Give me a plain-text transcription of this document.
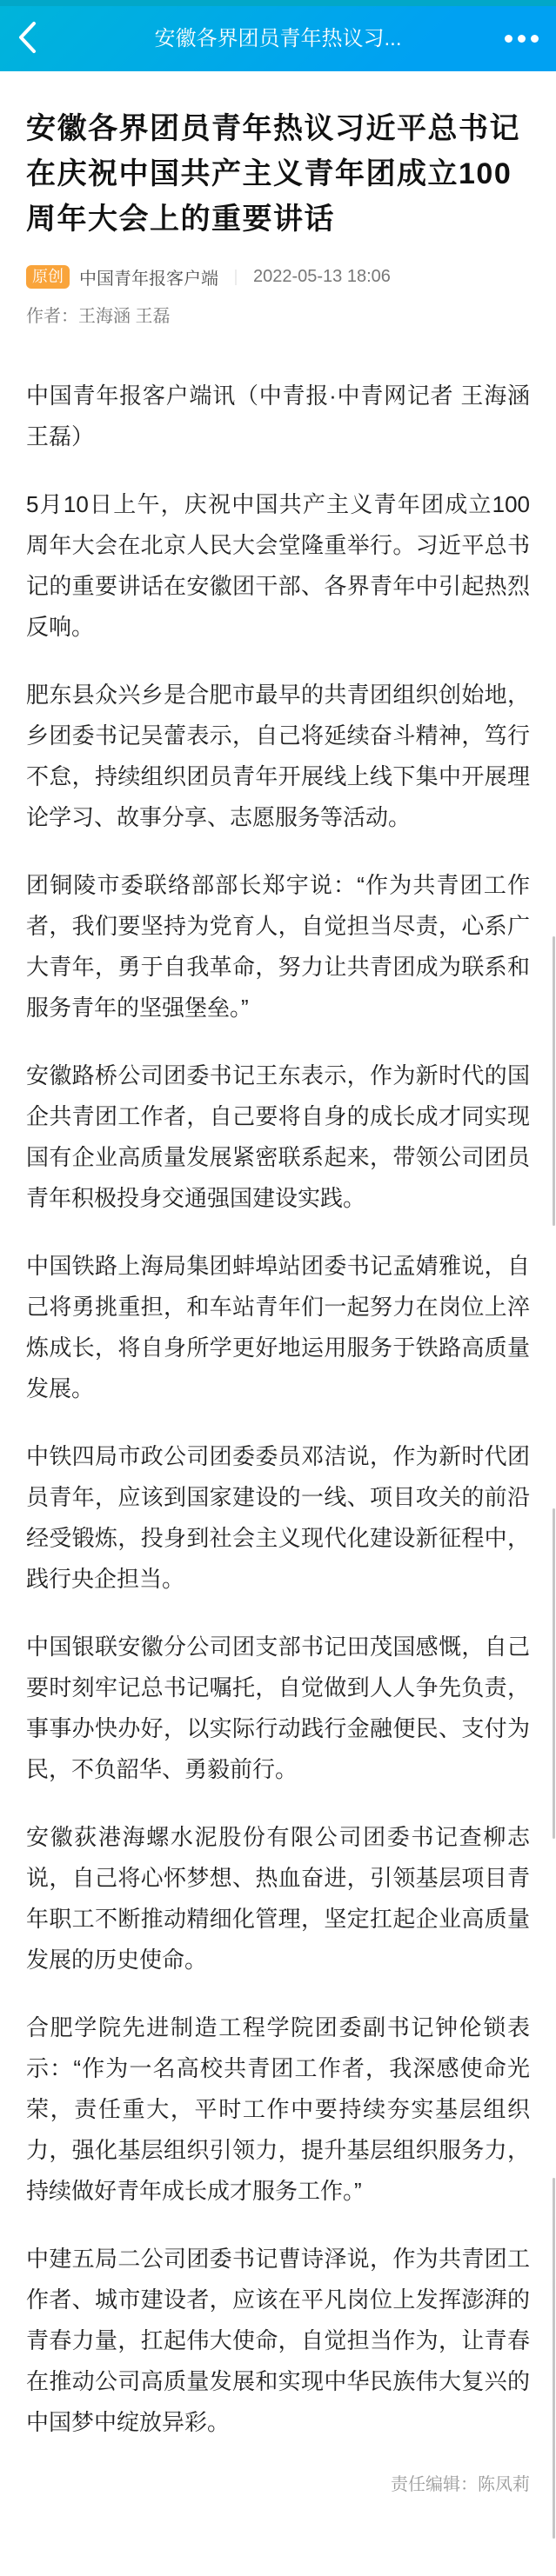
安徽各界团员青年热议习...
安徽各界团员青年热议习近平总书记在庆祝中国共产主义青年团成立100周年大会上的重要讲话
原创 中国青年报客户端 ｜ 2022-05-13 18:06
作者：王海涵 王磊

中国青年报客户端讯（中青报·中青网记者 王海涵 王磊）

5月10日上午，庆祝中国共产主义青年团成立100周年大会在北京人民大会堂隆重举行。习近平总书记的重要讲话在安徽团干部、各界青年中引起热烈反响。

肥东县众兴乡是合肥市最早的共青团组织创始地，乡团委书记吴蕾表示，自己将延续奋斗精神，笃行不怠，持续组织团员青年开展线上线下集中开展理论学习、故事分享、志愿服务等活动。

团铜陵市委联络部部长郑宇说：“作为共青团工作者，我们要坚持为党育人，自觉担当尽责，心系广大青年，勇于自我革命，努力让共青团成为联系和服务青年的坚强堡垒。”

安徽路桥公司团委书记王东表示，作为新时代的国企共青团工作者，自己要将自身的成长成才同实现国有企业高质量发展紧密联系起来，带领公司团员青年积极投身交通强国建设实践。

中国铁路上海局集团蚌埠站团委书记孟婧雅说，自己将勇挑重担，和车站青年们一起努力在岗位上淬炼成长，将自身所学更好地运用服务于铁路高质量发展。

中铁四局市政公司团委委员邓洁说，作为新时代团员青年，应该到国家建设的一线、项目攻关的前沿经受锻炼，投身到社会主义现代化建设新征程中，践行央企担当。

中国银联安徽分公司团支部书记田茂国感慨，自己要时刻牢记总书记嘱托，自觉做到人人争先负责，事事办快办好，以实际行动践行金融便民、支付为民，不负韶华、勇毅前行。

安徽荻港海螺水泥股份有限公司团委书记查柳志说，自己将心怀梦想、热血奋进，引领基层项目青年职工不断推动精细化管理，坚定扛起企业高质量发展的历史使命。

合肥学院先进制造工程学院团委副书记钟伦锁表示：“作为一名高校共青团工作者，我深感使命光荣，责任重大，平时工作中要持续夯实基层组织力，强化基层组织引领力，提升基层组织服务力，持续做好青年成长成才服务工作。”

中建五局二公司团委书记曹诗泽说，作为共青团工作者、城市建设者，应该在平凡岗位上发挥澎湃的青春力量，扛起伟大使命，自觉担当作为，让青春在推动公司高质量发展和实现中华民族伟大复兴的中国梦中绽放异彩。

责任编辑：陈凤莉
